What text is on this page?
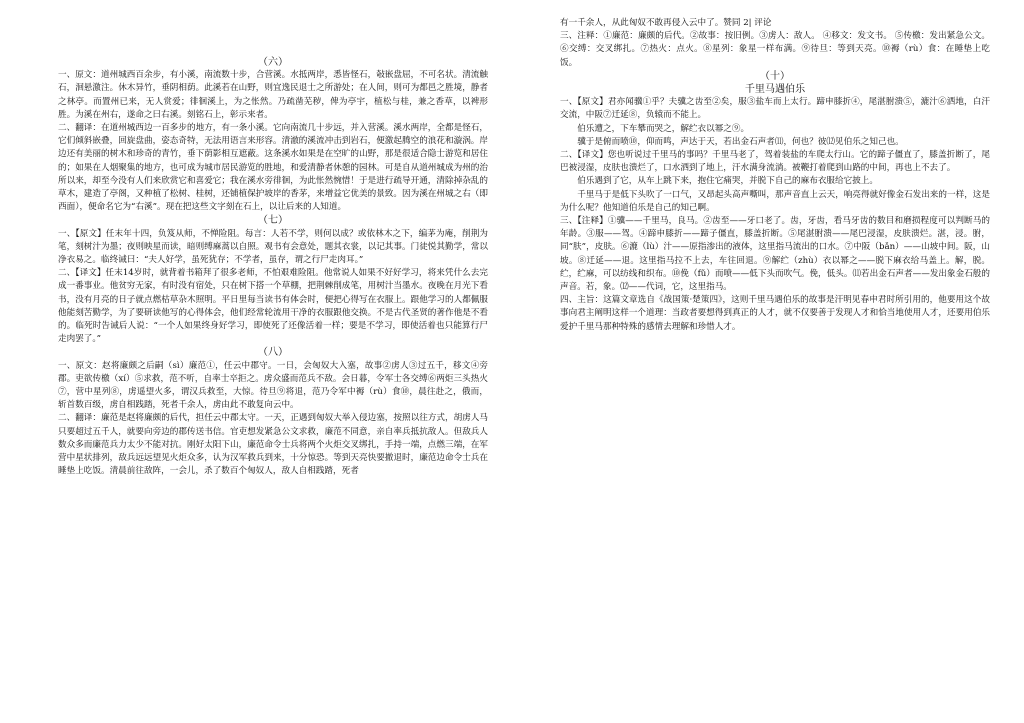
（六）

一、原文：道州城西百余步，有小溪，南流数十步，合营溪。水抵两岸，悉皆怪石，敧嵌盘屈，不可名状。清流触石，洄悬激注。休木异竹，垂阴相荫。此溪若在山野，则宜逸民退士之所游处；在人间，则可为都邑之胜境，静者之林亭。而置州已来，无人赏爱；徘徊溪上，为之怅然。乃疏凿芜秽，俾为亭宇，植松与桂，兼之香草，以裨形胜。为溪在州右，遂命之曰右溪。刻铭石上，彰示来者。

二、翻译：在道州城西边一百多步的地方，有一条小溪。它向南流几十步远，并入营溪。溪水两岸，全都是怪石，它们倾斜嵌叠，回旋盘曲，姿态奇特，无法用语言来形容。清澈的溪流冲击到岩石，便激起腾空的浪花和漩涡。岸边还有美丽的树木和珍奇的青竹，垂下荫影相互遮蔽。这条溪水如果是在空旷的山野，那是很适合隐士游览和居住的；如果在人烟聚集的地方，也可成为城市居民游览的胜地，和爱清静者休憩的园林。可是自从道州城成为州的治所以来，却至今没有人们来欣赏它和喜爱它；我在溪水旁徘徊，为此怅然惋惜！于是进行疏导开通，清除掉杂乱的草木，建造了亭阁，又种植了松树、桂树，还铺植保护坡岸的香茅，来增益它优美的景致。因为溪在州城之右（即西面），便命名它为“右溪”。现在把这些文字刻在石上，以让后来的人知道。

（七）

一、【原文】任末年十四，负笈从师，不惮险阻。每言：人若不学，则何以成？或依林木之下，编茅为庵，削荆为笔，刻树汁为墨；夜则映星而读，暗则缚麻蒿以自照。观书有会意处，题其衣裳，以记其事。门徒悦其勤学，常以净衣易之。临终诫曰：“夫人好学，虽死犹存；不学者，虽存，谓之行尸走肉耳。”

二、【译文】任末14岁时，就背着书箱拜了很多老师，不怕艰难险阻。他常说人如果不好好学习，将来凭什么去完成一番事业。他贫穷无家，有时没有宿处，只在树下搭一个草棚，把荆棘削成笔，用树汁当墨水。夜晚在月光下看书，没有月亮的日子就点燃枯草杂木照明。平日里每当读书有体会时，便把心得写在衣服上。跟他学习的人都佩服他能刻苦勤学，为了要研读他写的心得体会，他们经常轮流用干净的衣服跟他交换。不是古代圣贤的著作他是不看的。临死时告诫后人说：“一个人如果终身好学习，即使死了还像活着一样；要是不学习，即使活着也只能算行尸走肉罢了。”

（八）

一、原文：赵将廉颇之后嗣（sì）廉范①，任云中郡守。一日，会匈奴大入塞，故事②虏人③过五千，移文④旁郡。吏欲传檄（xí）⑤求救，范不听，自率士卒拒之。虏众盛而范兵不敌。会日暮，令军士各交缚⑥两炬三头热火⑦，营中星列⑧，虏遥望火多，谓汉兵救至，大惊。待旦⑨将退，范乃令军中褥（rù）食⑩，晨往赴之，俄而，斩首数百级，虏自相践踏，死者千余人，虏由此不敢复向云中。

二、翻译：廉范是赵将廉颇的后代，担任云中郡太守。一天，正遇到匈奴大举入侵边塞，按照以往方式，胡虏人马只要超过五千人，就要向旁边的郡传送书信。官吏想发紧急公文求救，廉范不同意，亲自率兵抵抗敌人。但敌兵人数众多而廉范兵力太少不能对抗。刚好太阳下山，廉范命令士兵将两个火炬交叉绑扎，手持一端，点燃三端，在军营中星状排列，敌兵远远望见火炬众多，认为汉军救兵到来，十分惊恐。等到天亮快要撤退时，廉范边命令士兵在睡垫上吃饭。清晨前往敌阵，一会儿，杀了数百个匈奴人，敌人自相践踏，死者

有一千余人，从此匈奴不敢再侵入云中了。赞同 2| 评论

三、注释：①廉范：廉颇的后代。②故事：按旧例。③虏人：敌人。 ④移文：发文书。 ⑤传檄：发出紧急公文。⑥交缚：交叉绑扎。⑦热火：点火。⑧星列：象星一样布满。⑨待旦：等到天亮。⑩褥（rù）食：在睡垫上吃饭。

（十）
千里马遇伯乐

一、【原文】君亦闻骥①乎？夫骥之齿至②矣，服③盐车而上太行。蹄申膝折④，尾湛胕溃⑤，漉汁⑥洒地，白汗交流，中阪⑦迁延⑧，负辕而不能上。

伯乐遭之，下车攀而哭之，解纻衣以幂之⑨。

骥于是俯而喷⑩，仰而鸣，声达于天，若出金石声者⑾，何也？彼⑿见伯乐之知己也。

二、【译文】您也听说过千里马的事吗？千里马老了，驾着装盐的车爬太行山。它的蹄子僵直了，膝盖折断了，尾巴被浸湿，皮肤也溃烂了，口水洒到了地上，汗水满身流淌。被鞭打着爬到山路的中间，再也上不去了。

伯乐遇到了它，从车上跳下来，抱住它痛哭，并脱下自己的麻布衣服给它披上。

千里马于是低下头吹了一口气，又昂起头高声嘶叫，那声音直上云天，响亮得就好像金石发出来的一样，这是为什么呢？他知道伯乐是自己的知己啊。

三、【注释】①骥——千里马，良马。②齿至——牙口老了。齿，牙齿，看马牙齿的数目和磨损程度可以判断马的年龄。③服——驾。④蹄申膝折——蹄子僵直，膝盖折断。⑤尾湛胕溃——尾巴浸湿，皮肤溃烂。湛，浸。胕，同“肤”，皮肤。⑥漉（lù）汁——原指渗出的液体，这里指马流出的口水。⑦中阪（bǎn）——山坡中间。阪，山坡。⑧迁延——退。这里指马拉不上去，车往回退。⑨解纻（zhù）衣以幂之——脱下麻衣给马盖上。解，脱。纻，纻麻，可以纺线和织布。⑩俛（fǔ）而喷——低下头而吹气。俛，低头。⑾若出金石声者——发出象金石般的声音。若，象。⑿——代词，它，这里指马。

四、主旨：这篇文章选自《战国策·楚策四》，这则千里马遇伯乐的故事是汗明见春申君时所引用的，他要用这个故事向君主阐明这样一个道理：当政者要想得到真正的人才，就不仅要善于发现人才和恰当地使用人才，还要用伯乐爱护千里马那种特殊的感情去理解和珍惜人才。
